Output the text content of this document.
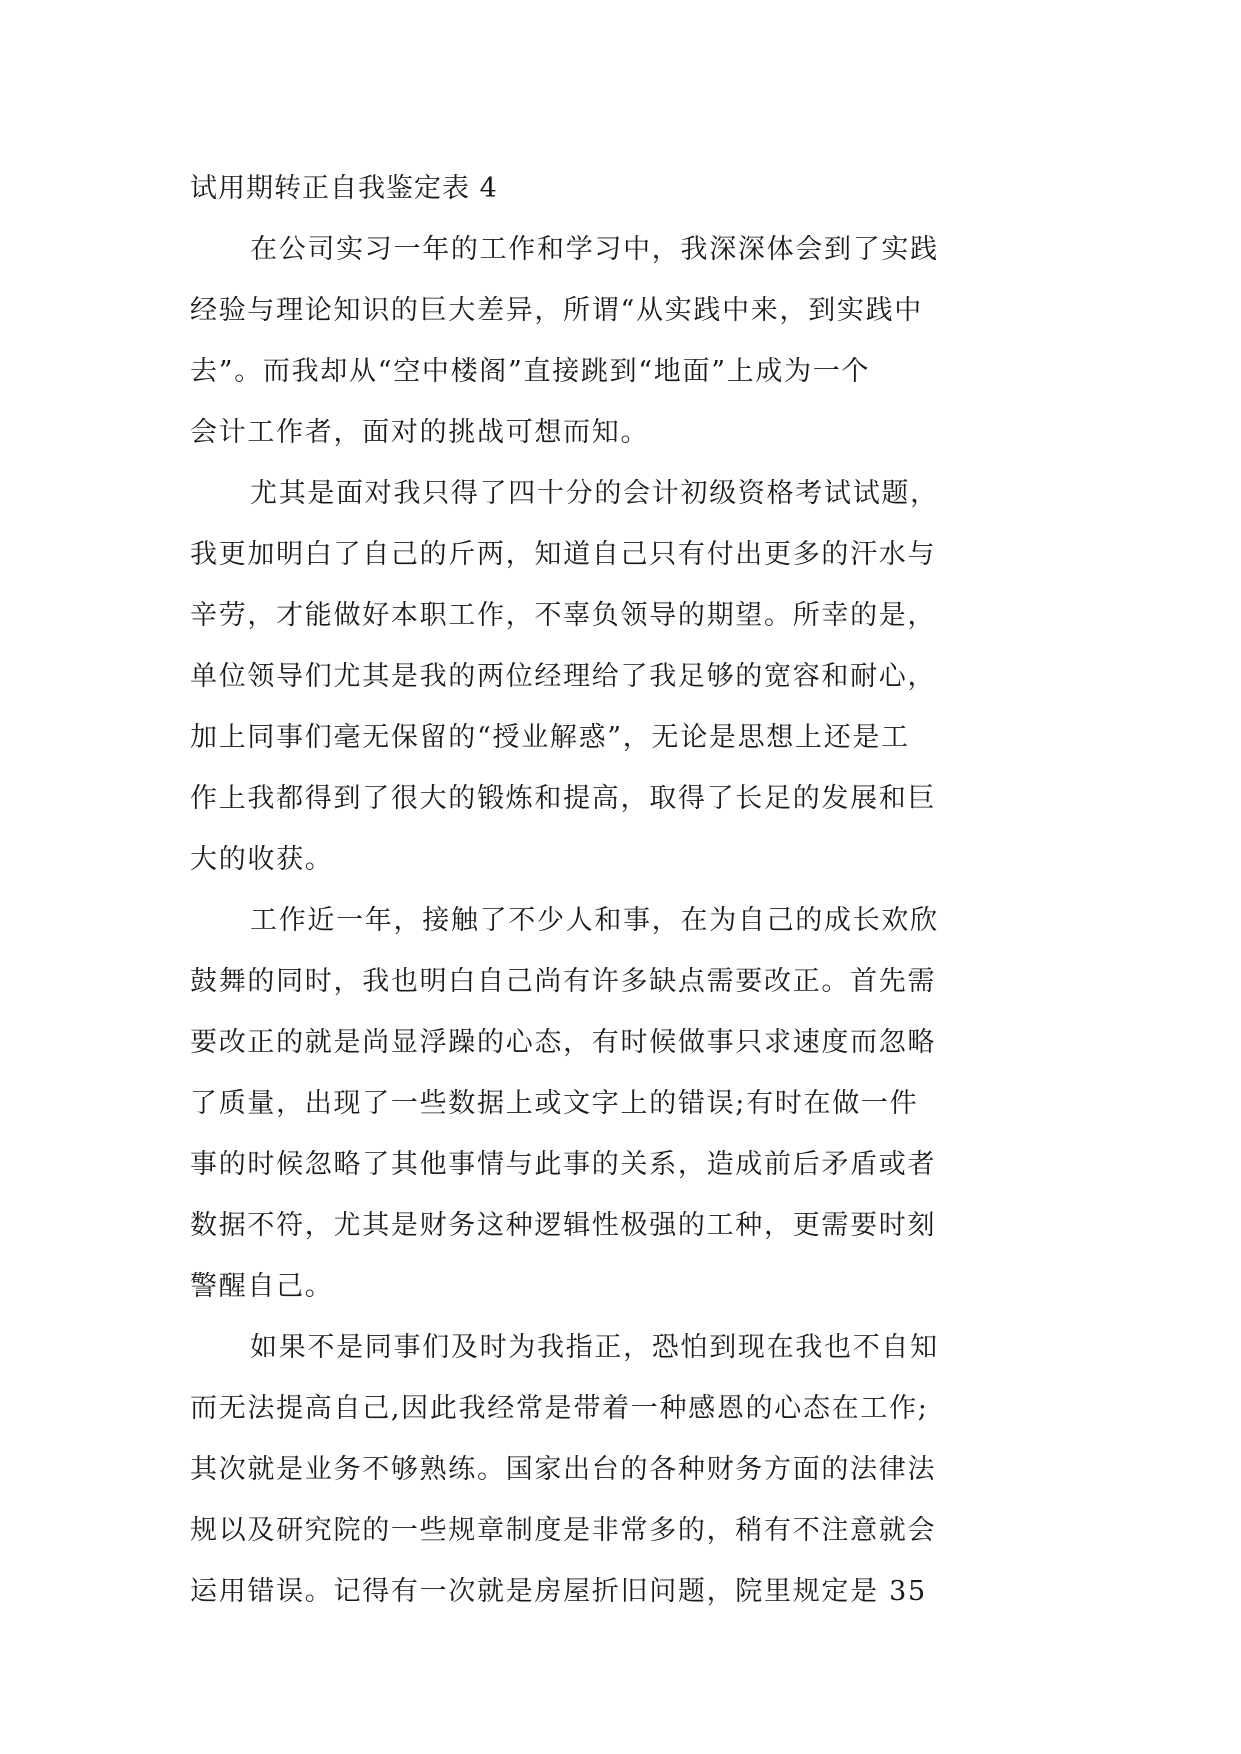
试用期转正自我鉴定表 4

在公司实习一年的工作和学习中，我深深体会到了实践
经验与理论知识的巨大差异，所谓“从实践中来，到实践中
去”。而我却从“空中楼阁”直接跳到“地面”上成为一个
会计工作者，面对的挑战可想而知。

尤其是面对我只得了四十分的会计初级资格考试试题，
我更加明白了自己的斤两，知道自己只有付出更多的汗水与
辛劳，才能做好本职工作，不辜负领导的期望。所幸的是，
单位领导们尤其是我的两位经理给了我足够的宽容和耐心，
加上同事们毫无保留的“授业解惑”，无论是思想上还是工
作上我都得到了很大的锻炼和提高，取得了长足的发展和巨
大的收获。

工作近一年，接触了不少人和事，在为自己的成长欢欣
鼓舞的同时，我也明白自己尚有许多缺点需要改正。首先需
要改正的就是尚显浮躁的心态，有时候做事只求速度而忽略
了质量，出现了一些数据上或文字上的错误;有时在做一件
事的时候忽略了其他事情与此事的关系，造成前后矛盾或者
数据不符，尤其是财务这种逻辑性极强的工种，更需要时刻
警醒自己。

如果不是同事们及时为我指正，恐怕到现在我也不自知
而无法提高自己,因此我经常是带着一种感恩的心态在工作;
其次就是业务不够熟练。国家出台的各种财务方面的法律法
规以及研究院的一些规章制度是非常多的，稍有不注意就会
运用错误。记得有一次就是房屋折旧问题，院里规定是 35
